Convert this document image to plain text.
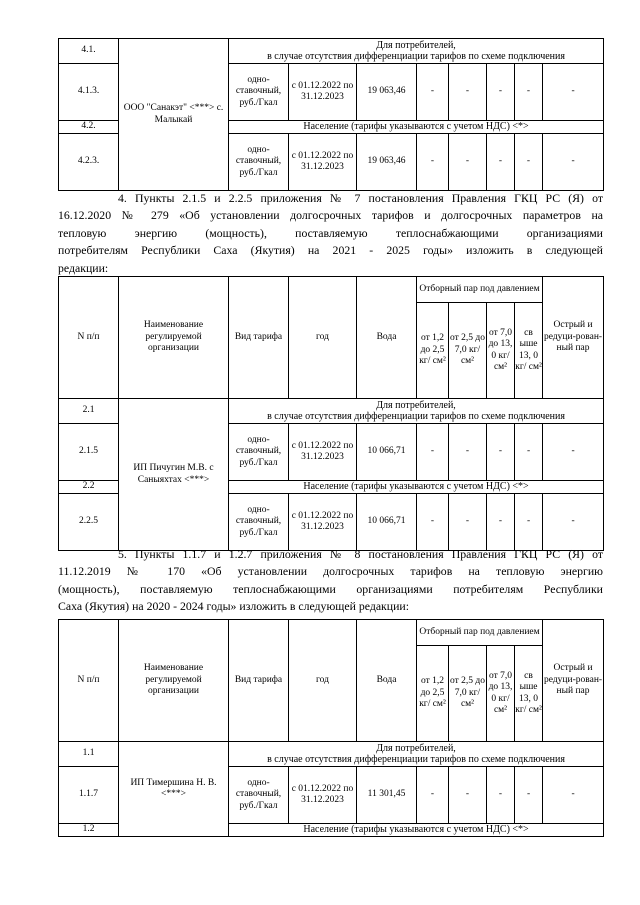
4.1.	ООО "Санакэт" <***> с. Малыкай	Для потребителей,
в случае отсутствия дифференциации тарифов по схеме подключения							

4.1.3.		одно-ставочный, руб./Гкал	с 01.12.2022 по 31.12.2023	19 063,46	-	-	-	-	-
4.2.		Население (тарифы указываются с учетом НДС) <*>							
4.2.3.		одно-ставочный, руб./Гкал	с 01.12.2022 по 31.12.2023	19 063,46	-	-	-	-	-
4. Пункты 2.1.5 и 2.2.5 приложения № 7 постановления Правления ГКЦ РС (Я) от
16.12.2020 № 279 «Об установлении долгосрочных тарифов и долгосрочных параметров на
тепловую энергию (мощность), поставляемую теплоснабжающими организациями
потребителям Республики Саха (Якутия) на 2021 - 2025 годы» изложить в следующей
редакции:
N п/п	Наименование регулируемой организации	Вид тарифа	год	Вода	Отборный пар под давлением				Острый и редуци-рован-ный пар
					от 1,2 до 2,5 кг/ см²	от 2,5 до 7,0 кг/ см²	от 7,0 до 13, 0 кг/ см²	св ыше 13, 0 кг/ см²	
2.1	ИП Пичугин М.В. с Саныяхтах <***>	Для потребителей,
в случае отсутствия дифференциации тарифов по схеме подключения							

2.1.5		одно-ставочный, руб./Гкал	с 01.12.2022 по 31.12.2023	10 066,71	-	-	-	-	-
2.2		Население (тарифы указываются с учетом НДС) <*>							
2.2.5		одно-ставочный, руб./Гкал	с 01.12.2022 по 31.12.2023	10 066,71	-	-	-	-	-
5. Пункты 1.1.7 и 1.2.7 приложения № 8 постановления Правления ГКЦ РС (Я) от
11.12.2019 № 170 «Об установлении долгосрочных тарифов на тепловую энергию
(мощность), поставляемую теплоснабжающими организациями потребителям Республики
Саха (Якутия) на 2020 - 2024 годы» изложить в следующей редакции:
N п/п	Наименование регулируемой организации	Вид тарифа	год	Вода	Отборный пар под давлением				Острый и редуци-рован-ный пар
					от 1,2 до 2,5 кг/ см²	от 2,5 до 7,0 кг/ см²	от 7,0 до 13, 0 кг/ см²	св ыше 13, 0 кг/ см²	
1.1	ИП Тимершина Н. В. <***>	Для потребителей,
в случае отсутствия дифференциации тарифов по схеме подключения							

1.1.7		одно-ставочный, руб./Гкал	с 01.12.2022 по 31.12.2023	11 301,45	-	-	-	-	-
1.2		Население (тарифы указываются с учетом НДС) <*>							
